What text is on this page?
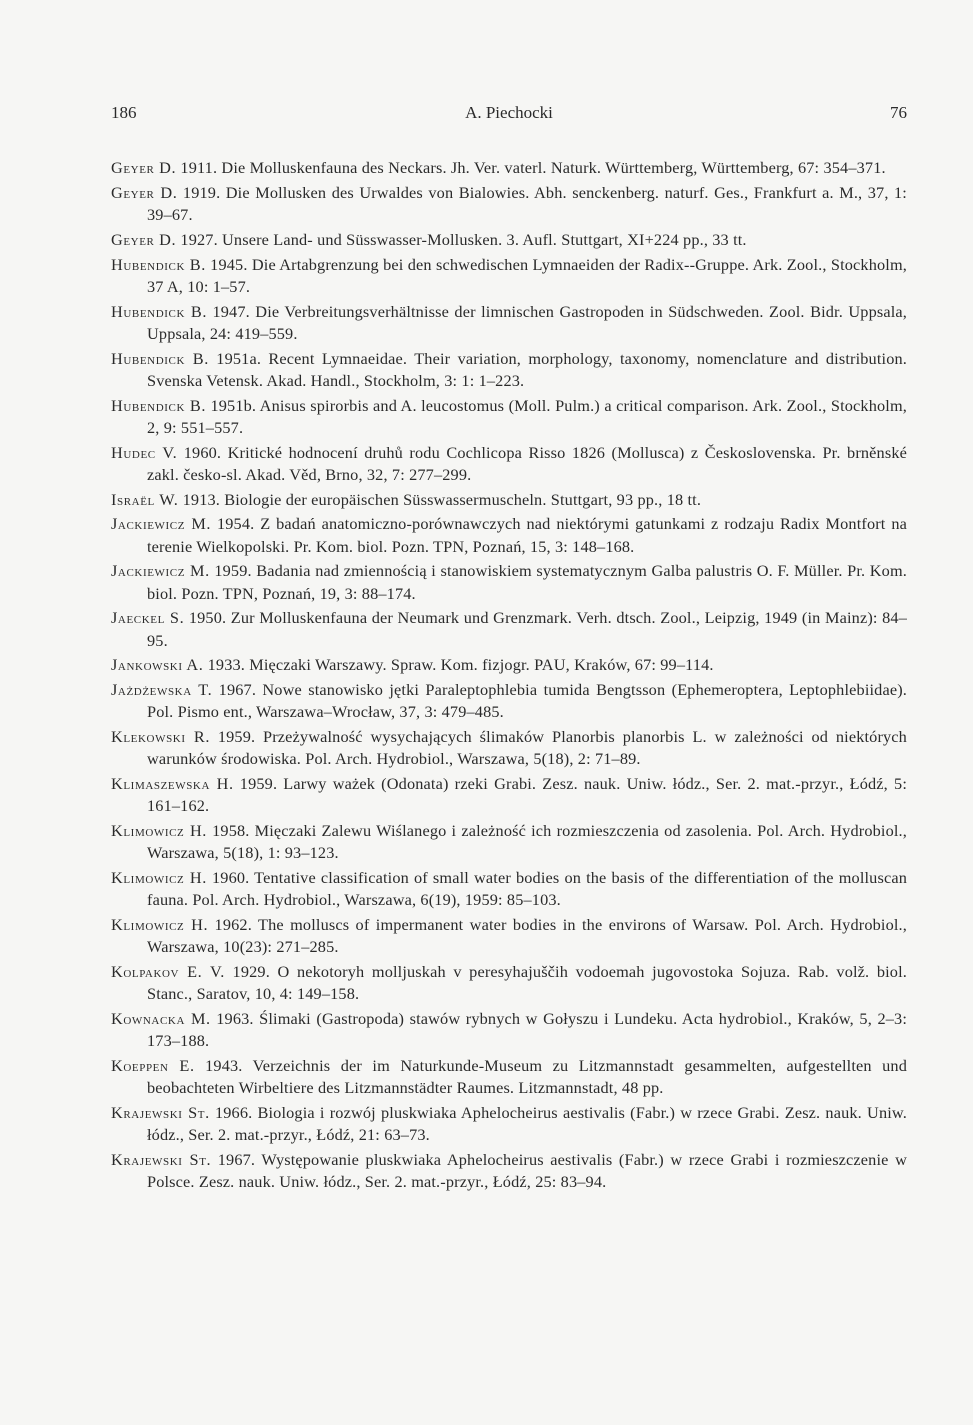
186	A. Piechocki	76

Geyer D. 1911. Die Molluskenfauna des Neckars. Jh. Ver. vaterl. Naturk. Württemberg, Württemberg, 67: 354–371.

Geyer D. 1919. Die Mollusken des Urwaldes von Bialowies. Abh. senckenberg. naturf. Ges., Frankfurt a. M., 37, 1: 39–67.

Geyer D. 1927. Unsere Land- und Süsswasser-Mollusken. 3. Aufl. Stuttgart, XI+224 pp., 33 tt.

Hubendick B. 1945. Die Artabgrenzung bei den schwedischen Lymnaeiden der Radix--Gruppe. Ark. Zool., Stockholm, 37 A, 10: 1–57.

Hubendick B. 1947. Die Verbreitungsverhältnisse der limnischen Gastropoden in Südschweden. Zool. Bidr. Uppsala, Uppsala, 24: 419–559.

Hubendick B. 1951a. Recent Lymnaeidae. Their variation, morphology, taxonomy, nomenclature and distribution. Svenska Vetensk. Akad. Handl., Stockholm, 3: 1: 1–223.

Hubendick B. 1951b. Anisus spirorbis and A. leucostomus (Moll. Pulm.) a critical comparison. Ark. Zool., Stockholm, 2, 9: 551–557.

Hudec V. 1960. Kritické hodnocení druhů rodu Cochlicopa Risso 1826 (Mollusca) z Československa. Pr. brněnské zakl. česko-sl. Akad. Věd, Brno, 32, 7: 277–299.

Israël W. 1913. Biologie der europäischen Süsswassermuscheln. Stuttgart, 93 pp., 18 tt.

Jackiewicz M. 1954. Z badań anatomiczno-porównawczych nad niektórymi gatunkami z rodzaju Radix Montfort na terenie Wielkopolski. Pr. Kom. biol. Pozn. TPN, Poznań, 15, 3: 148–168.

Jackiewicz M. 1959. Badania nad zmiennością i stanowiskiem systematycznym Galba palustris O. F. Müller. Pr. Kom. biol. Pozn. TPN, Poznań, 19, 3: 88–174.

Jaeckel S. 1950. Zur Molluskenfauna der Neumark und Grenzmark. Verh. dtsch. Zool., Leipzig, 1949 (in Mainz): 84–95.

Jankowski A. 1933. Mięczaki Warszawy. Spraw. Kom. fizjogr. PAU, Kraków, 67: 99–114.

Jażdżewska T. 1967. Nowe stanowisko jętki Paraleptophlebia tumida Bengtsson (Ephemeroptera, Leptophlebiidae). Pol. Pismo ent., Warszawa–Wrocław, 37, 3: 479–485.

Klekowski R. 1959. Przeżywalność wysychających ślimaków Planorbis planorbis L. w zależności od niektórych warunków środowiska. Pol. Arch. Hydrobiol., Warszawa, 5(18), 2: 71–89.

Klimaszewska H. 1959. Larwy ważek (Odonata) rzeki Grabi. Zesz. nauk. Uniw. łódz., Ser. 2. mat.-przyr., Łódź, 5: 161–162.

Klimowicz H. 1958. Mięczaki Zalewu Wiślanego i zależność ich rozmieszczenia od zasolenia. Pol. Arch. Hydrobiol., Warszawa, 5(18), 1: 93–123.

Klimowicz H. 1960. Tentative classification of small water bodies on the basis of the differentiation of the molluscan fauna. Pol. Arch. Hydrobiol., Warszawa, 6(19), 1959: 85–103.

Klimowicz H. 1962. The molluscs of impermanent water bodies in the environs of Warsaw. Pol. Arch. Hydrobiol., Warszawa, 10(23): 271–285.

Kolpakov E. V. 1929. O nekotoryh molljuskah v peresyhajuščih vodoemah jugovostoka Sojuza. Rab. volž. biol. Stanc., Saratov, 10, 4: 149–158.

Kownacka M. 1963. Ślimaki (Gastropoda) stawów rybnych w Gołyszu i Lundeku. Acta hydrobiol., Kraków, 5, 2–3: 173–188.

Koeppen E. 1943. Verzeichnis der im Naturkunde-Museum zu Litzmannstadt gesammelten, aufgestellten und beobachteten Wirbeltiere des Litzmannstädter Raumes. Litzmannstadt, 48 pp.

Krajewski St. 1966. Biologia i rozwój pluskwiaka Aphelocheirus aestivalis (Fabr.) w rzece Grabi. Zesz. nauk. Uniw. łódz., Ser. 2. mat.-przyr., Łódź, 21: 63–73.

Krajewski St. 1967. Występowanie pluskwiaka Aphelocheirus aestivalis (Fabr.) w rzece Grabi i rozmieszczenie w Polsce. Zesz. nauk. Uniw. łódz., Ser. 2. mat.-przyr., Łódź, 25: 83–94.
